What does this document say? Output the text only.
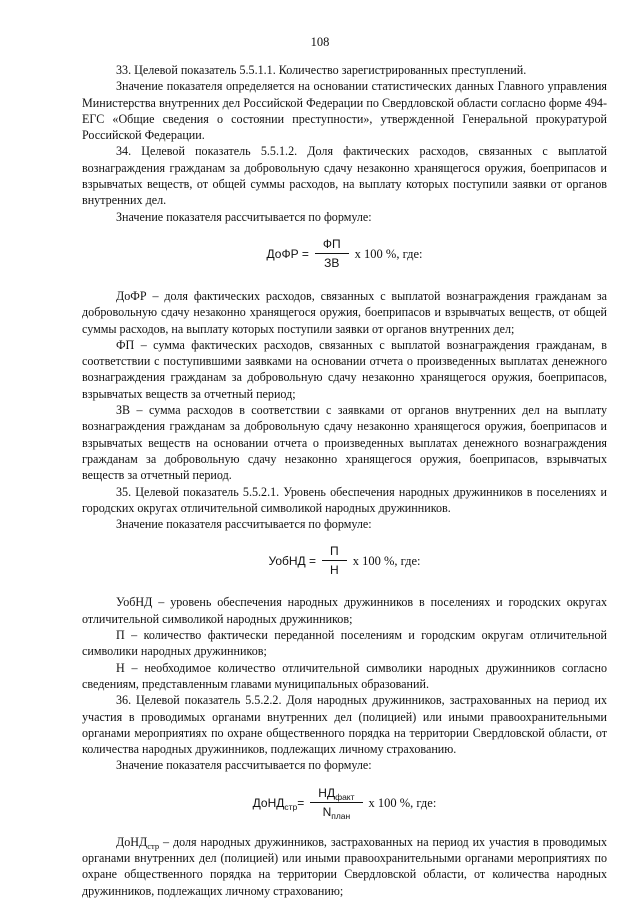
108

33. Целевой показатель 5.5.1.1. Количество зарегистрированных преступлений.

Значение показателя определяется на основании статистических данных Главного управления Министерства внутренних дел Российской Федерации по Свердловской области согласно форме 494-ЕГС «Общие сведения о состоянии преступности», утвержденной Генеральной прокуратурой Российской Федерации.

34. Целевой показатель 5.5.1.2. Доля фактических расходов, связанных с выплатой вознаграждения гражданам за добровольную сдачу незаконно хранящегося оружия, боеприпасов и взрывчатых веществ, от общей суммы расходов, на выплату которых поступили заявки от органов внутренних дел.

Значение показателя рассчитывается по формуле:

ДоФР = $\frac{ФП}{ЗВ}$ х 100 %, где:

ДоФР – доля фактических расходов, связанных с выплатой вознаграждения гражданам за добровольную сдачу незаконно хранящегося оружия, боеприпасов и взрывчатых веществ, от общей суммы расходов, на выплату которых поступили заявки от органов внутренних дел;

ФП – сумма фактических расходов, связанных с выплатой вознаграждения гражданам, в соответствии с поступившими заявками на основании отчета о произведенных выплатах денежного вознаграждения гражданам за добровольную сдачу незаконно хранящегося оружия, боеприпасов, взрывчатых веществ за отчетный период;

ЗВ – сумма расходов в соответствии с заявками от органов внутренних дел на выплату вознаграждения гражданам за добровольную сдачу незаконно хранящегося оружия, боеприпасов и взрывчатых веществ на основании отчета о произведенных выплатах денежного вознаграждения гражданам за добровольную сдачу незаконно хранящегося оружия, боеприпасов, взрывчатых веществ за отчетный период.

35. Целевой показатель 5.5.2.1. Уровень обеспечения народных дружинников в поселениях и городских округах отличительной символикой народных дружинников.

Значение показателя рассчитывается по формуле:

УобНД = $\frac{П}{Н}$ х 100 %, где:

УобНД – уровень обеспечения народных дружинников в поселениях и городских округах отличительной символикой народных дружинников;

П – количество фактически переданной поселениям и городским округам отличительной символики народных дружинников;

Н – необходимое количество отличительной символики народных дружинников согласно сведениям, представленным главами муниципальных образований.

36. Целевой показатель 5.5.2.2. Доля народных дружинников, застрахованных на период их участия в проводимых органами внутренних дел (полицией) или иными правоохранительными органами мероприятиях по охране общественного порядка на территории Свердловской области, от количества народных дружинников, подлежащих личному страхованию.

Значение показателя рассчитывается по формуле:

ДоНД$_{стр}$= $\frac{НД_{факт}}{N_{план}}$ х 100 %, где:

ДоНД$_{стр}$ – доля народных дружинников, застрахованных на период их участия в проводимых органами внутренних дел (полицией) или иными правоохранительными органами мероприятиях по охране общественного порядка на территории Свердловской области, от количества народных дружинников, подлежащих личному страхованию;
